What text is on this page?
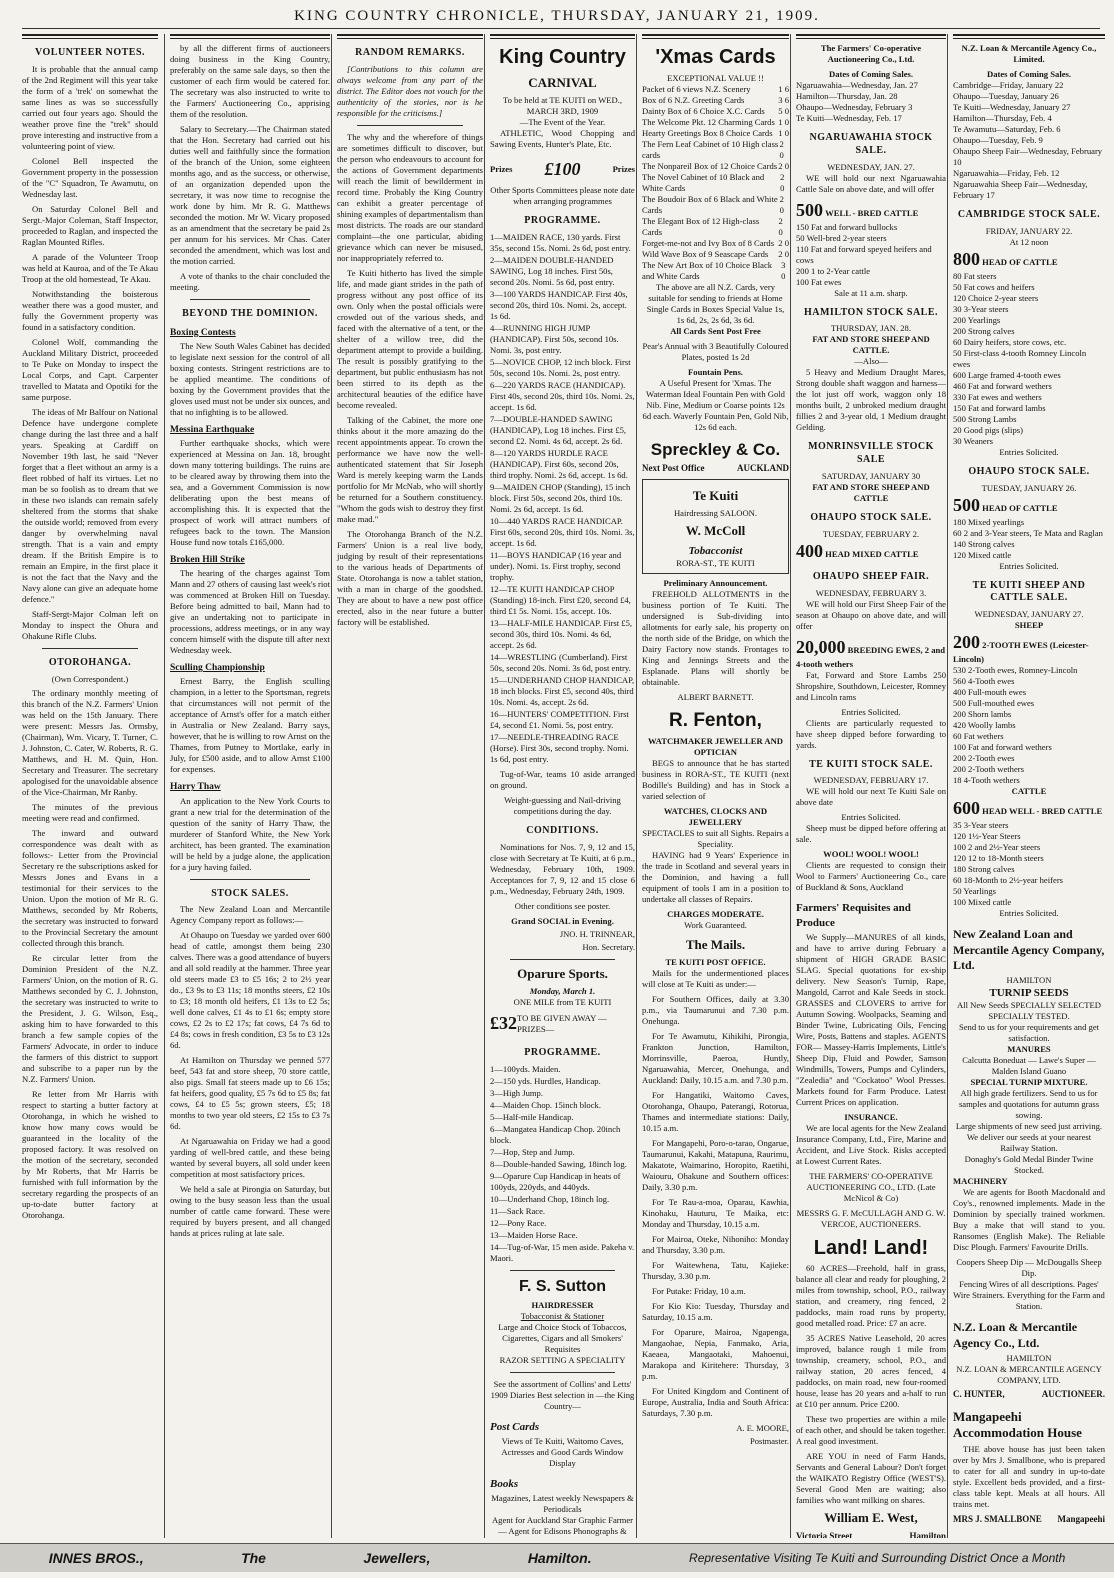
KING COUNTRY CHRONICLE, THURSDAY, JANUARY 21, 1909.
VOLUNTEER NOTES.

It is probable that the annual camp of the 2nd Regiment will this year take the form of a 'trek' on somewhat the same lines as was so successfully carried out four years ago. Should the weather prove fine the "trek" should prove interesting and instructive from a volunteering point of view.

Colonel Bell inspected the Government property in the possession of the "C" Squadron, Te Awamutu, on Wednesday last.

On Saturday Colonel Bell and Sergt.-Major Coleman, Staff Inspector, proceeded to Raglan, and inspected the Raglan Mounted Rifles.

A parade of the Volunteer Troop was held at Kauroa, and of the Te Akau Troop at the old homestead, Te Akau.

Notwithstanding the boisterous weather there was a good muster, and fully the Government property was found in a satisfactory condition.

Colonel Wolf, commanding the Auckland Military District, proceeded to Te Puke on Monday to inspect the Local Corps, and Capt. Carpenter travelled to Matata and Opotiki for the same purpose.

The ideas of Mr Balfour on National Defence have undergone complete change during the last three and a half years. Speaking at Cardiff on November 19th last, he said "Never forget that a fleet without an army is a fleet robbed of half its virtues. Let no man be so foolish as to dream that we in these two islands can remain safely sheltered from the storms that shake the outside world; removed from every danger by overwhelming naval strength. That is a vain and empty dream. If the British Empire is to remain an Empire, in the first place it is not the fact that the Navy and the Navy alone can give an adequate home defence."

Staff-Sergt-Major Colman left on Monday to inspect the Ohura and Ohakune Rifle Clubs.

OTOROHANGA.
(Own Correspondent.)

The ordinary monthly meeting of this branch of the N.Z. Farmers' Union was held on the 15th January. There were present: Messrs Jas. Ormsby, (Chairman), Wm. Vicary, T. Turner, C. J. Johnston, C. Cater, W. Roberts, R. G. Matthews, and H. M. Quin, Hon. Secretary and Treasurer. The secretary apologised for the unavoidable absence of the Vice-Chairman, Mr Ranby.

The minutes of the previous meeting were read and confirmed.

The inward and outward correspondence was dealt with as follows:- Letter from the Provincial Secretary re the subscriptions asked for Messrs Jones and Evans in a testimonial for their services to the Union. Upon the motion of Mr R. G. Matthews, seconded by Mr Roberts, the secretary was instructed to forward to the Provincial Secretary the amount collected through this branch.

Re circular letter from the Dominion President of the N.Z. Farmers' Union, on the motion of R. G. Matthews seconded by C. J. Johnston, the secretary was instructed to write to the President, J. G. Wilson, Esq., asking him to have forwarded to this branch a few sample copies of the Farmers' Advocate, in order to induce the farmers of this district to support and subscribe to a paper run by the N.Z. Farmers' Union.

Re letter from Mr Harris with respect to starting a butter factory at Otorohanga, in which he wished to know how many cows would be guaranteed in the locality of the proposed factory. It was resolved on the motion of the secretary, seconded by Mr Roberts, that Mr Harris be furnished with full information by the secretary regarding the prospects of an up-to-date butter factory at Otorohanga.

by all the different firms of auctioneers doing business in the King Country, preferably on the same sale days, so then the customer of each firm would be catered for. The secretary was also instructed to write to the Farmers' Auctioneering Co., apprising them of the resolution.

Salary to Secretary.—The Chairman stated that the Hon. Secretary had carried out his duties well and faithfully since the formation of the branch of the Union, some eighteen months ago, and as the success, or otherwise, of an organization depended upon the secretary, it was now time to recognise the work done by him. Mr R. G. Matthews seconded the motion. Mr W. Vicary proposed as an amendment that the secretary be paid 2s per annum for his services. Mr Chas. Cater seconded the amendment, which was lost and the motion carried.

A vote of thanks to the chair concluded the meeting.

BEYOND THE DOMINION.
Boxing Contests

The New South Wales Cabinet has decided to legislate next session for the control of all boxing contests. Stringent restrictions are to be applied meantime. The conditions of boxing by the Government provides that the gloves used must not be under six ounces, and that no infighting is to be allowed.

Messina Earthquake

Further earthquake shocks, which were experienced at Messina on Jan. 18, brought down many tottering buildings. The ruins are to be cleared away by throwing them into the sea, and a Government Commission is now deliberating upon the best means of accomplishing this. It is expected that the prospect of work will attract numbers of refugees back to the town. The Mansion House fund now totals £165,000.

Broken Hill Strike

The hearing of the charges against Tom Mann and 27 others of causing last week's riot was commenced at Broken Hill on Tuesday. Before being admitted to bail, Mann had to give an undertaking not to participate in processions, address meetings, or in any way concern himself with the dispute till after next Wednesday week.

Sculling Championship

Ernest Barry, the English sculling champion, in a letter to the Sportsman, regrets that circumstances will not permit of the acceptance of Arnst's offer for a match either in Australia or New Zealand. Barry says, however, that he is willing to row Arnst on the Thames, from Putney to Mortlake, early in July, for £500 aside, and to allow Arnst £100 for expenses.

Harry Thaw

An application to the New York Courts to grant a new trial for the determination of the question of the sanity of Harry Thaw, the murderer of Stanford White, the New York architect, has been granted. The examination will be held by a judge alone, the application for a jury having failed.

STOCK SALES.

The New Zealand Loan and Mercantile Agency Company report as follows:—

At Ohaupo on Tuesday we yarded over 600 head of cattle, amongst them being 230 calves. There was a good attendance of buyers and all sold readily at the hammer. Three year old steers made £3 to £5 16s; 2 to 2½ year do., £3 9s to £3 11s; 18 months steers, £2 10s to £3; 18 month old heifers, £1 13s to £2 5s; well done calves, £1 4s to £1 6s; empty store cows, £2 2s to £2 17s; fat cows, £4 7s 6d to £4 8s; cows in fresh condition, £3 5s to £3 12s 6d.

At Hamilton on Thursday we penned 577 beef, 543 fat and store sheep, 70 store cattle, also pigs. Small fat steers made up to £6 15s; fat heifers, good quality, £5 7s 6d to £5 8s; fat cows, £4 to £5 5s; grown steers, £5; 18 months to two year old steers, £2 15s to £3 7s 6d.

At Ngaruawahia on Friday we had a good yarding of well-bred cattle, and these being wanted by several buyers, all sold under keen competition at most satisfactory prices.

We held a sale at Pirongia on Saturday, but owing to the busy season less than the usual number of cattle came forward. These were required by buyers present, and all changed hands at prices ruling at late sale.

RANDOM REMARKS.

[Contributions to this column are always welcome from any part of the district. The Editor does not vouch for the authenticity of the stories, nor is he responsible for the criticisms.]

The why and the wherefore of things are sometimes difficult to discover, but the person who endeavours to account for the actions of Government departments will reach the limit of bewilderment in record time. Probably the King Country can exhibit a greater percentage of shining examples of departmentalism than most districts. The roads are our standard complaint—the one particular, abiding grievance which can never be misused, nor inappropriately referred to.

Te Kuiti hitherto has lived the simple life, and made giant strides in the path of progress without any post office of its own. Only when the postal officials were crowded out of the various sheds, and faced with the alternative of a tent, or the shelter of a willow tree, did the department attempt to provide a building. The result is possibly gratifying to the department, but public enthusiasm has not been stirred to its depth as the architectural beauties of the edifice have become revealed.

Talking of the Cabinet, the more one thinks about it the more amazing do the recent appointments appear. To crown the performance we have now the well-authenticated statement that Sir Joseph Ward is merely keeping warm the Lands portfolio for Mr McNab, who will shortly be returned for a Southern constituency. "Whom the gods wish to destroy they first make mad."

The Otorohanga Branch of the N.Z. Farmers' Union is a real live body, judging by result of their representations to the various heads of Departments of State. Otorohanga is now a tablet station, with a man in charge of the goodshed. They are about to have a new post office erected, also in the near future a butter factory will be established.

King Country
CARNIVAL
To be held at TE KUITI on WED., MARCH 3RD, 1909
—The Event of the Year.

ATHLETIC, Wood Chopping and Sawing Events, Hunter's Plate, Etc.

Prizes £100	Prizes
Other Sports Committees please note date when arranging programmes
PROGRAMME.
1—MAIDEN RACE, 130 yards. First 35s, second 15s. Nomi. 2s 6d, post entry.
2—MAIDEN DOUBLE-HANDED SAWING, Log 18 inches. First 50s, second 20s. Nomi. 5s 6d, post entry.
3—100 YARDS HANDICAP. First 40s, second 20s, third 10s. Nomi. 2s, accept. 1s 6d.
4—RUNNING HIGH JUMP (HANDICAP). First 50s, second 10s. Nomi. 3s, post entry.
5—NOVICE CHOP, 12 inch block. First 50s, second 10s. Nomi. 2s, post entry.
6—220 YARDS RACE (HANDICAP). First 40s, second 20s, third 10s. Nomi. 2s, accept. 1s 6d.
7—DOUBLE-HANDED SAWING (HANDICAP), Log 18 inches. First £5, second £2. Nomi. 4s 6d, accept. 2s 6d.
8—120 YARDS HURDLE RACE (HANDICAP). First 60s, second 20s, third trophy. Nomi. 2s 6d, accept. 1s 6d.
9—MAIDEN CHOP (Standing), 15 inch block. First 50s, second 20s, third 10s. Nomi. 2s 6d, accept. 1s 6d.
10—440 YARDS RACE HANDICAP. First 60s, second 20s, third 10s. Nomi. 3s, accept. 1s 6d.
11—BOYS HANDICAP (16 year and under). Nomi. 1s. First trophy, second trophy.
12—TE KUITI HANDICAP CHOP (Standing) 18-inch. First £20, second £4, third £1 5s. Nomi. 15s, accept. 10s.
13—HALF-MILE HANDICAP. First £5, second 30s, third 10s. Nomi. 4s 6d, accept. 2s 6d.
14—WRESTLING (Cumberland). First 50s, second 20s. Nomi. 3s 6d, post entry.
15—UNDERHAND CHOP HANDICAP, 18 inch blocks. First £5, second 40s, third 10s. Nomi. 4s, accept. 2s 6d.
16—HUNTERS' COMPETITION. First £4, second £1. Nomi. 5s, post entry.
17—NEEDLE-THREADING RACE (Horse). First 30s, second trophy. Nomi. 1s 6d, post entry.

Tug-of-War, teams 10 aside arranged on ground.

Weight-guessing and Nail-driving competitions during the day.
CONDITIONS.

Nominations for Nos. 7, 9, 12 and 15, close with Secretary at Te Kuiti, at 6 p.m., Wednesday, February 10th, 1909. Acceptances for 7, 9, 12 and 15 close 6 p.m., Wednesday, February 24th, 1909.

Other conditions see poster.
Grand SOCIAL in Evening.
JNO. H. TRINNEAR,
Hon. Secretary.
Oparure Sports.
Monday, March 1.
ONE MILE from TE KUITI
£32 TO BE GIVEN AWAY —PRIZES—
PROGRAMME.
1—100yds. Maiden.
2—150 yds. Hurdles, Handicap.
3—High Jump.
4—Maiden Chop. 15inch block.
5—Half-mile Handicap.
6—Mangatea Handicap Chop. 20inch block.
7—Hop, Step and Jump.
8—Double-handed Sawing, 18inch log.
9—Oparure Cup Handicap in heats of 100yds, 220yds, and 440yds.
10—Underhand Chop, 18inch log.
11—Sack Race.
12—Pony Race.
13—Maiden Horse Race.
14—Tug-of-War, 15 men aside. Pakeha v. Maori.
F. S. Sutton
HAIRDRESSER
Tobacconist & Stationer
Large and Choice Stock of Tobaccos, Cigarettes, Cigars and all Smokers' Requisites
RAZOR SETTING A SPECIALITY
See the assortment of Collins' and Letts' 1909 Diaries Best selection in —the King Country—
Post Cards
Views of Te Kuiti, Waitomo Caves, Actresses and Good Cards Window Display
Books
Magazines, Latest weekly Newspapers & Periodicals
Agent for Auckland Star Graphic Farmer — Agent for Edisons Phonographs &
'Xmas Cards
EXCEPTIONAL VALUE !!
Packet of 6 views N.Z. Scenery	1 6
Box of 6 N.Z. Greeting Cards	3 6
Dainty Box of 6 Choice X.C. Cards 5 0
The Welcome Pkt. 12 Charming Cards 1 0
Hearty Greetings Box 8 Choice Cards 1 0
The Fern Leaf Cabinet of 10 High class cards
2 0
The Nonpareil Box of 12 Choice Cards 2 0
The Novel Cabinet of 10 Black and White Cards
2 0
The Boudoir Box of 6 Black and White Cards
2 0
The Elegant Box of 12 High-class Cards
2 0
Forget-me-not and Ivy Box of 8 Cards 2 0
Wild Wave Box of 9 Seascape Cards 2 0
The New Art Box of 10 Choice Black and White Cards
3 0
The above are all N.Z. Cards, very suitable for sending to friends at Home
Single Cards in Boxes Special Value 1s, 1s 6d, 2s, 2s 6d, 3s 6d.
All Cards Sent Post Free
Pear's Annual with 3 Beautifully Coloured Plates, posted 1s 2d
Fountain Pens.
A Useful Present for 'Xmas. The Waterman Ideal Fountain Pen with Gold Nib. Fine, Medium or Coarse points 12s 6d each. Waverly Fountain Pen, Gold Nib, 12s 6d each.
Spreckley & Co.
Next Post Office	AUCKLAND
Te Kuiti
Hairdressing SALOON.
W. McColl
Tobacconist
RORA-ST., TE KUITI
Preliminary Announcement.

FREEHOLD ALLOTMENTS in the business portion of Te Kuiti. The undersigned is Sub-dividing into allotments for early sale, his property on the north side of the Bridge, on which the Dairy Factory now stands. Frontages to King and Jennings Streets and the Esplanade. Plans will shortly be obtainable.

ALBERT BARNETT.
R. Fenton,
WATCHMAKER JEWELLER AND OPTICIAN

BEGS to announce that he has started business in RORA-ST., TE KUITI (next Bodille's Building) and has in Stock a varied selection of

WATCHES, CLOCKS AND JEWELLERY
SPECTACLES to suit all Sights. Repairs a Speciality.

HAVING had 9 Years' Experience in the trade in Scotland and several years in the Dominion, and having a full equipment of tools I am in a position to undertake all classes of Repairs.

CHARGES MODERATE.
Work Guaranteed.
The Mails.
TE KUITI POST OFFICE.

Mails for the undermentioned places will close at Te Kuiti as under:—

For Southern Offices, daily at 3.30 p.m., via Taumarunui and 7.30 p.m. Onehunga.

For Te Awamutu, Kihikihi, Pirongia, Frankton Junction, Hamilton, Morrinsville, Paeroa, Huntly, Ngaruawahia, Mercer, Onehunga, and Auckland: Daily, 10.15 a.m. and 7.30 p.m.

For Hangatiki, Waitomo Caves, Otorohanga, Ohaupo, Paterangi, Rotorua, Thames and intermediate stations: Daily, 10.15 a.m.

For Mangapehi, Poro-o-tarao, Ongarue, Taumarunui, Kakahi, Matapuna, Raurimu, Makatote, Waimarino, Horopito, Raetihi, Waiouru, Ohakune and Southern offices: Daily, 3.30 p.m.

For Te Rau-a-moa, Oparau, Kawhia, Kinohaku, Hauturu, Te Maika, etc: Monday and Thursday, 10.15 a.m.

For Mairoa, Oteke, Nihoniho: Monday and Thursday, 3.30 p.m.

For Waitewhena, Tatu, Kajieke: Thursday, 3.30 p.m.

For Putake: Friday, 10 a.m.

For Kio Kio: Tuesday, Thursday and Saturday, 10.15 a.m.

For Oparure, Mairoa, Ngapenga, Mangaohae, Nepia, Fanmako, Aria, Kaeaea, Mangaotaki, Mahoenui, Marakopa and Kiritehere: Thursday, 3 p.m.

For United Kingdom and Continent of Europe, Australia, India and South Africa: Saturdays, 7.30 p.m.

A. E. MOORE,
Postmaster.
The Farmers' Co-operative Auctioneering Co., Ltd.
Dates of Coming Sales.
Ngaruawahia—Wednesday, Jan. 27
Hamilton—Thursday, Jan. 28
Ohaupo—Wednesday, February 3
Te Kuiti—Wednesday, Feb. 17
NGARUAWAHIA STOCK SALE.
WEDNESDAY, JAN. 27.

WE will hold our next Ngaruawahia Cattle Sale on above date, and will offer

500 WELL - BRED CATTLE
150 Fat and forward bullocks
50 Well-bred 2-year steers
110 Fat and forward speyed heifers and cows
200 1 to 2-Year cattle
100 Fat ewes
Sale at 11 a.m. sharp.
HAMILTON STOCK SALE.
THURSDAY, JAN. 28.
FAT AND STORE SHEEP AND CATTLE.
—Also—

5 Heavy and Medium Draught Mares, Strong double shaft waggon and harness—the lot just off work, waggon only 18 months built, 2 unbroked medium draught fillies 2 and 3-year old, 1 Medium draught Gelding.

MONRINSVILLE STOCK SALE
SATURDAY, JANUARY 30
FAT AND STORE SHEEP AND CATTLE
OHAUPO STOCK SALE.
TUESDAY, FEBRUARY 2.
400 HEAD MIXED CATTLE
OHAUPO SHEEP FAIR.
WEDNESDAY, FEBRUARY 3.

WE will hold our First Sheep Fair of the season at Ohaupo on above date, and will offer

20,000 BREEDING EWES, 2 and 4-tooth wethers

Fat, Forward and Store Lambs 250 Shropshire, Southdown, Leicester, Romney and Lincoln rams

Entries Solicited.

Clients are particularly requested to have sheep dipped before forwarding to yards.

TE KUITI STOCK SALE.
WEDNESDAY, FEBRUARY 17.

WE will hold our next Te Kuiti Sale on above date

Entries Solicited.

Sheep must be dipped before offering at sale.

WOOL! WOOL! WOOL!

Clients are requested to consign their Wool to Farmers' Auctioneering Co., care of Buckland & Sons, Auckland

Farmers' Requisites and Produce

We Supply—MANURES of all kinds, and have to arrive during February a shipment of HIGH GRADE BASIC SLAG. Special quotations for ex-ship delivery. New Season's Turnip, Rape, Mangold, Carrot and Kale Seeds in stock. GRASSES and CLOVERS to arrive for Autumn Sowing. Woolpacks, Seaming and Binder Twine, Lubricating Oils, Fencing Wire, Posts, Battens and staples. AGENTS FOR— Massey-Harris Implements, Little's Sheep Dip, Fluid and Powder, Samson Windmills, Towers, Pumps and Cylinders, "Zealedia" and "Cockatoo" Wool Presses. Markets found for Farm Produce. Latest Current Prices on application.

INSURANCE.

We are local agents for the New Zealand Insurance Company, Ltd., Fire, Marine and Accident, and Live Stock. Risks accepted at Lowest Current Rates.

THE FARMERS' CO-OPERATIVE AUCTIONEERING CO., LTD. (Late McNicol & Co)
MESSRS G. F. McCULLAGH AND G. W. VERCOE, AUCTIONEERS.
Land! Land!

60 ACRES—Freehold, half in grass, balance all clear and ready for ploughing, 2 miles from township, school, P.O., railway station, and creamery, ring fenced, 2 paddocks, main road runs by property, good metalled road. Price: £7 an acre.

35 ACRES Native Leasehold, 20 acres improved, balance rough 1 mile from township, creamery, school, P.O., and railway station, 20 acres fenced, 4 paddocks, on main road, new four-roomed house, lease has 20 years and a-half to run at £10 per annum. Price £200.

These two properties are within a mile of each other, and should be taken together. A real good investment.

ARE YOU in need of Farm Hands, Servants and General Labour? Don't forget the WAIKATO Registry Office (WEST'S). Several Good Men are waiting; also families who want milking on shares.

William E. West,
Victoria Street	Hamilton
N.Z. Loan & Mercantile Agency Co., Limited.
Dates of Coming Sales.
Cambridge—Friday, January 22
Ohaupo—Tuesday, January 26
Te Kuiti—Wednesday, January 27
Hamilton—Thursday, Feb. 4
Te Awamutu—Saturday, Feb. 6
Ohaupo—Tuesday, Feb. 9
Ohaupo Sheep Fair—Wednesday, February 10
Ngaruawahia—Friday, Feb. 12
Ngaruawahia Sheep Fair—Wednesday, February 17
CAMBRIDGE STOCK SALE.
FRIDAY, JANUARY 22.
At 12 noon
800 HEAD OF CATTLE
80 Fat steers
50 Fat cows and heifers
120 Choice 2-year steers
30 3-Year steers
200 Yearlings
200 Strong calves
60 Dairy heifers, store cows, etc.
50 First-class 4-tooth Romney Lincoln ewes
600 Large framed 4-tooth ewes
460 Fat and forward wethers
330 Fat ewes and wethers
150 Fat and forward lambs
500 Strong Lambs
20 Good pigs (slips)
30 Weaners
Entries Solicited.
OHAUPO STOCK SALE.
TUESDAY, JANUARY 26.
500 HEAD OF CATTLE
180 Mixed yearlings
60 2 and 3-Year steers, Te Mata and Raglan
140 Strong calves
120 Mixed cattle
Entries Solicited.
TE KUITI SHEEP AND CATTLE SALE.
WEDNESDAY, JANUARY 27.
SHEEP
200 2-TOOTH EWES (Leicester-Lincoln)
530 2-Tooth ewes, Romney-Lincoln
560 4-Tooth ewes
400 Full-mouth ewes
500 Full-mouthed ewes
200 Shorn lambs
420 Woolly lambs
60 Fat wethers
100 Fat and forward wethers
200 2-Tooth ewes
200 2-Tooth wethers
18 4-Tooth wethers
CATTLE
600 HEAD WELL - BRED CATTLE
35 3-Year steers
120 1½-Year Steers
100 2 and 2½-Year steers
120 12 to 18-Month steers
180 Strong calves
60 18-Month to 2½-year heifers
50 Yearlings
100 Mixed cattle
Entries Solicited.
New Zealand Loan and Mercantile Agency Company, Ltd.
HAMILTON
TURNIP SEEDS
All New Seeds SPECIALLY SELECTED SPECIALLY TESTED.
Send to us for your requirements and get satisfaction.
MANURES
Calcutta Boneduat — Lawe's Super — Malden Island Guano
SPECIAL TURNIP MIXTURE.
All high grade fertilizers. Send to us for samples and quotations for autumn grass sowing.
Large shipments of new seed just arriving. We deliver our seeds at your nearest Railway Station.
Donaghy's Gold Medal Binder Twine Stocked.
MACHINERY

We are agents for Booth Macdonald and Coy's., renowned implements. Made in the Dominion by specially trained workmen. Buy a make that will stand to you. Ransomes (English Make). The Reliable Disc Plough. Farmers' Favourite Drills.

Coopers Sheep Dip — McDougalls Sheep Dip.
Fencing Wires of all descriptions. Pages' Wire Strainers. Everything for the Farm and Station.
N.Z. Loan & Mercantile Agency Co., Ltd.
HAMILTON
N.Z. LOAN & MERCANTILE AGENCY COMPANY, LTD.
C. HUNTER,	AUCTIONEER.
Mangapeehi Accommodation House

THE above house has just been taken over by Mrs J. Smallbone, who is prepared to cater for all and sundry in up-to-date style. Excellent beds provided, and a first-class table kept. Meals at all hours. All trains met.

MRS J. SMALLBONE Mangapeehi
INNES BROS.,	The	Jewellers,	Hamilton.	Representative Visiting Te Kuiti and Surrounding District Once a Month
